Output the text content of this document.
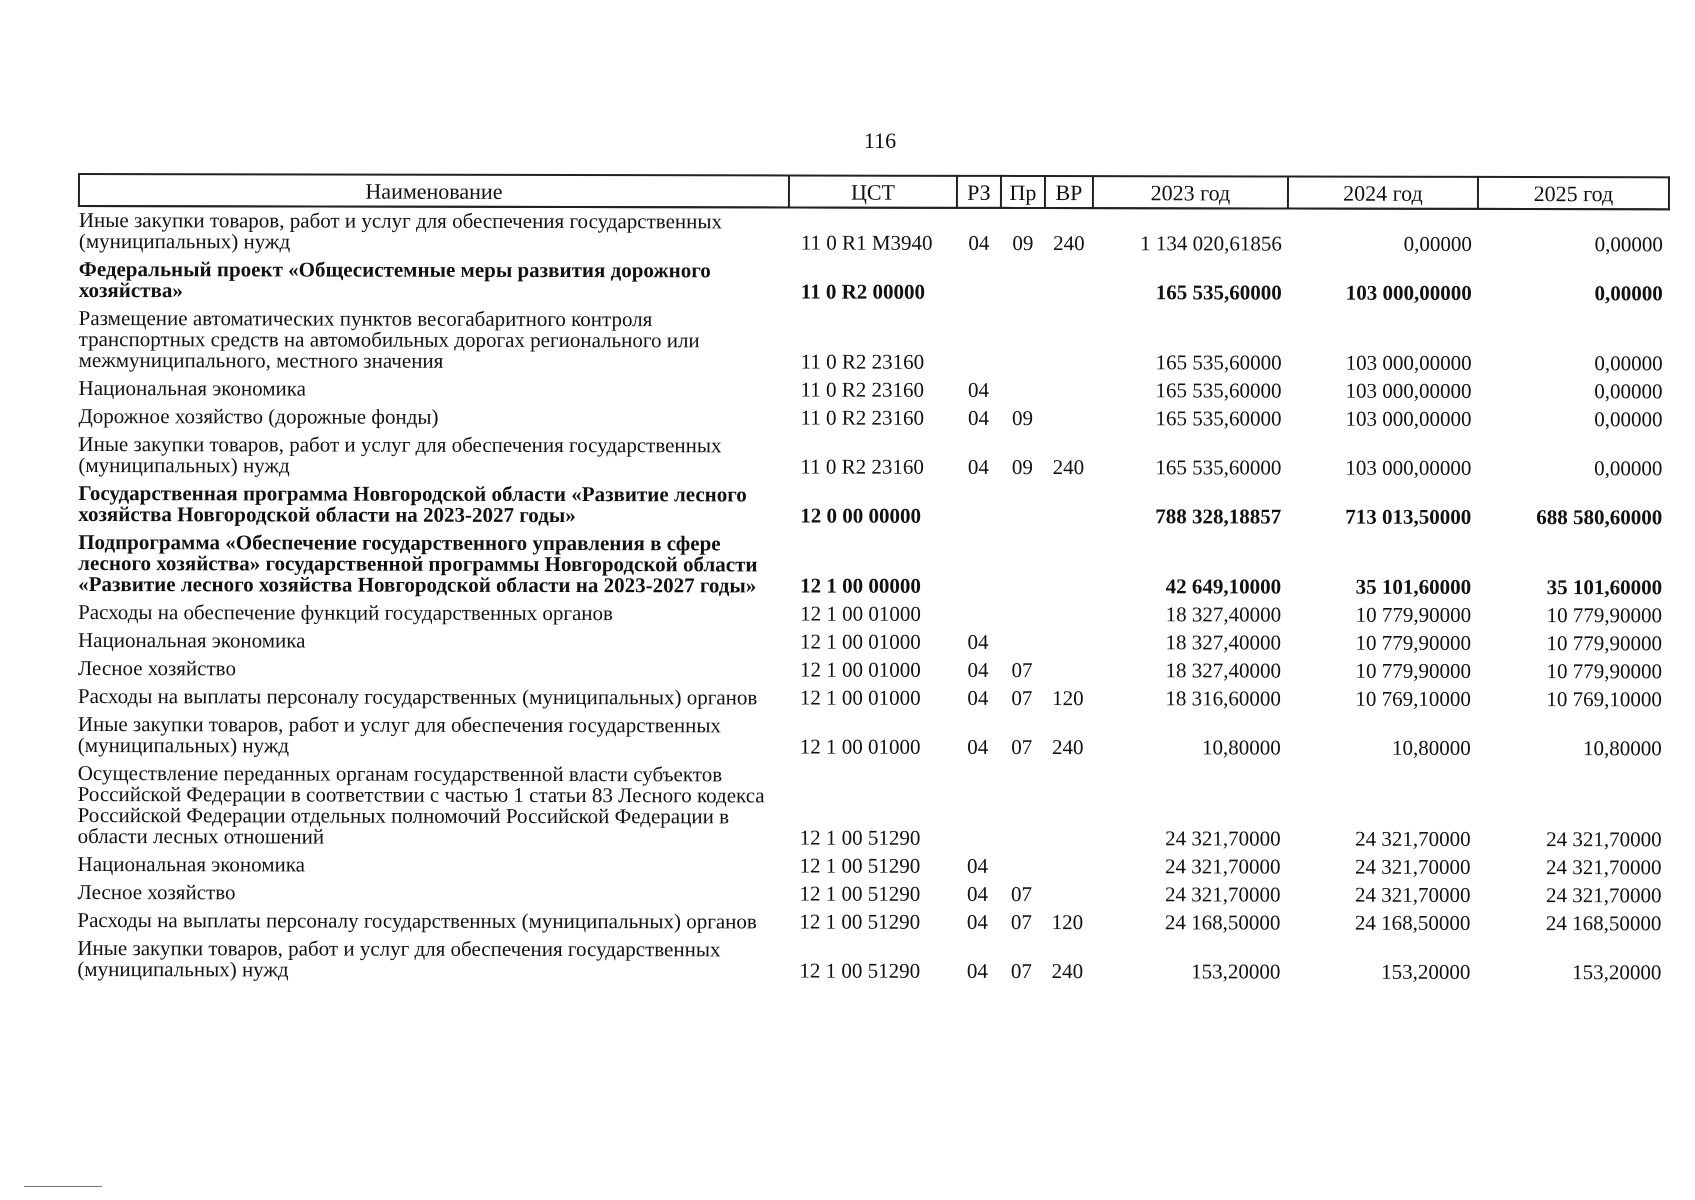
116
Наименование	ЦСТ	РЗ	Пр	ВР	2023 год	2024 год	2025 год
Иные закупки товаров, работ и услуг для обеспечения государственных (муниципальных) нужд	11 0 R1 М3940	04	09	240	1 134 020,61856	0,00000	0,00000
Федеральный проект «Общесистемные меры развития дорожного хозяйства»	11 0 R2 00000				165 535,60000	103 000,00000	0,00000
Размещение автоматических пунктов весогабаритного контроля транспортных средств на автомобильных дорогах регионального или межмуниципального, местного значения	11 0 R2 23160				165 535,60000	103 000,00000	0,00000
Национальная экономика	11 0 R2 23160	04			165 535,60000	103 000,00000	0,00000
Дорожное хозяйство (дорожные фонды)	11 0 R2 23160	04	09		165 535,60000	103 000,00000	0,00000
Иные закупки товаров, работ и услуг для обеспечения государственных (муниципальных) нужд	11 0 R2 23160	04	09	240	165 535,60000	103 000,00000	0,00000
Государственная программа Новгородской области «Развитие лесного хозяйства Новгородской области на 2023-2027 годы»	12 0 00 00000				788 328,18857	713 013,50000	688 580,60000
Подпрограмма «Обеспечение государственного управления в сфере лесного хозяйства» государственной программы Новгородской области «Развитие лесного хозяйства Новгородской области на 2023-2027 годы»	12 1 00 00000				42 649,10000	35 101,60000	35 101,60000
Расходы на обеспечение функций государственных органов	12 1 00 01000				18 327,40000	10 779,90000	10 779,90000
Национальная экономика	12 1 00 01000	04			18 327,40000	10 779,90000	10 779,90000
Лесное хозяйство	12 1 00 01000	04	07		18 327,40000	10 779,90000	10 779,90000
Расходы на выплаты персоналу государственных (муниципальных) органов	12 1 00 01000	04	07	120	18 316,60000	10 769,10000	10 769,10000
Иные закупки товаров, работ и услуг для обеспечения государственных (муниципальных) нужд	12 1 00 01000	04	07	240	10,80000	10,80000	10,80000
Осуществление переданных органам государственной власти субъектов Российской Федерации в соответствии с частью 1 статьи 83 Лесного кодекса Российской Федерации отдельных полномочий Российской Федерации в области лесных отношений	12 1 00 51290				24 321,70000	24 321,70000	24 321,70000
Национальная экономика	12 1 00 51290	04			24 321,70000	24 321,70000	24 321,70000
Лесное хозяйство	12 1 00 51290	04	07		24 321,70000	24 321,70000	24 321,70000
Расходы на выплаты персоналу государственных (муниципальных) органов	12 1 00 51290	04	07	120	24 168,50000	24 168,50000	24 168,50000
Иные закупки товаров, работ и услуг для обеспечения государственных (муниципальных) нужд	12 1 00 51290	04	07	240	153,20000	153,20000	153,20000
